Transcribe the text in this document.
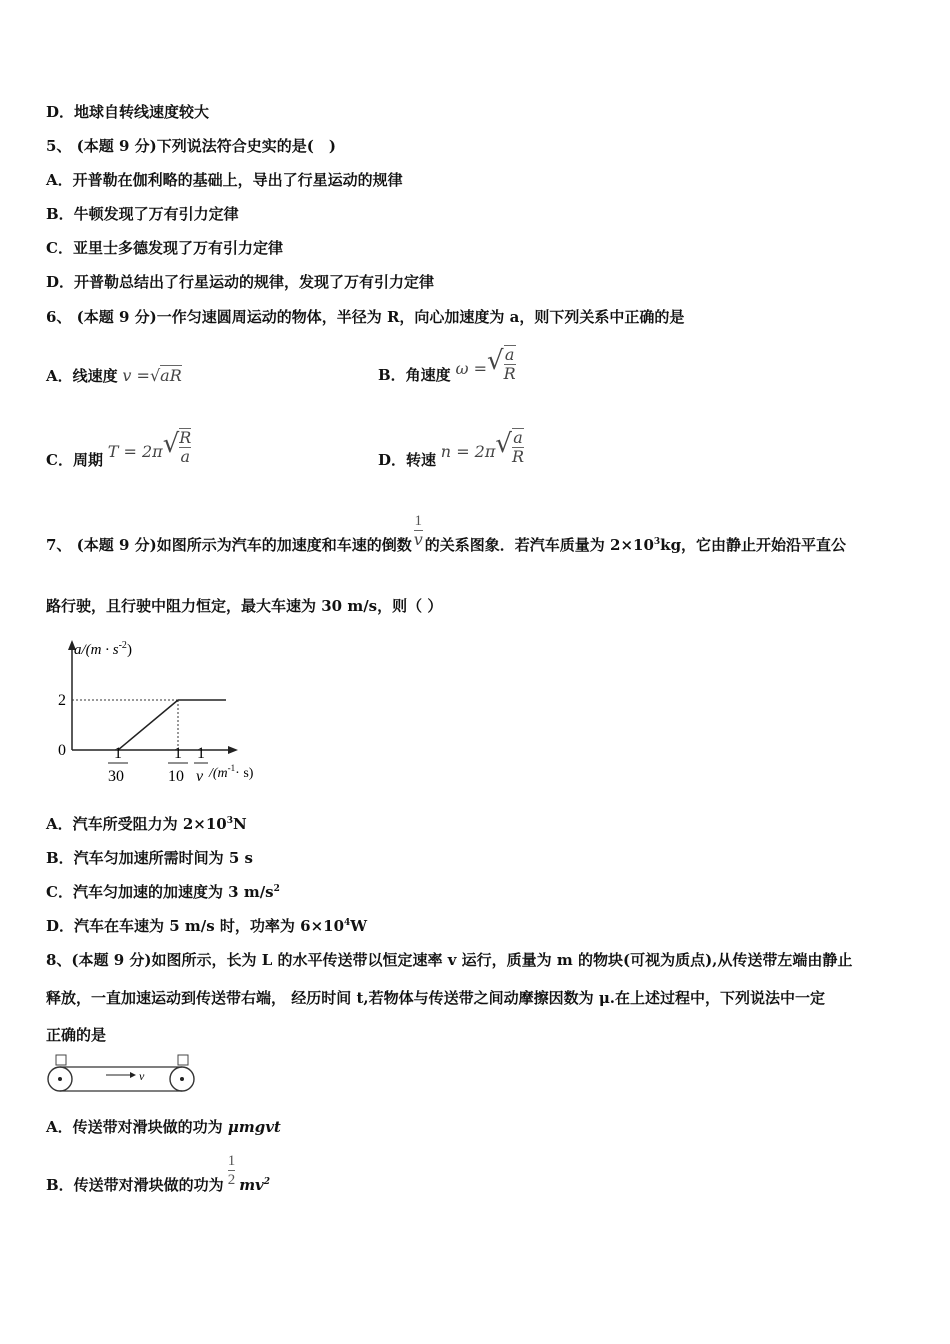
D．地球自转线速度较大
5、 (本题 9 分)下列说法符合史实的是(　)
A．开普勒在伽利略的基础上，导出了行星运动的规律
B．牛顿发现了万有引力定律
C．亚里士多德发现了万有引力定律
D．开普勒总结出了行星运动的规律，发现了万有引力定律
6、 (本题 9 分)一作匀速圆周运动的物体，半径为 R，向心加速度为 a，则下列关系中正确的是
A．线速度 v =√aR	B．角速度 ω =√ $\frac{a}{R}$
C．周期 $T = 2\pi√ \frac{R}{a}$	D．转速 $n = 2\pi√ \frac{a}{R}$
7、 (本题 9 分)如图所示为汽车的加速度和车速的倒数 $\frac{1}{v}$ 的关系图象．若汽车质量为 $2\times 10^3kg$，它由静止开始沿平直公
路行驶，且行驶中阻力恒定，最大车速为 30 m/s，则（ ）
$a/(m \cdot s^{-2})$
2
0	1
30
1
10
1
v $/(m^{-1}\cdot s)$
A．汽车所受阻力为 $2\times 10^3N$
B．汽车匀加速所需时间为 5 s
C．汽车匀加速的加速度为 3 $m/s^2$
D．汽车在车速为 5 m/s 时，功率为 $6\times 10^4W$
8、(本题 9 分)如图所示，长为 L 的水平传送带以恒定速率 v 运行，质量为 m 的物块(可视为质点),从传送带左端由静止
释放，一直加速运动到传送带右端， 经历时间 t,若物体与传送带之间动摩擦因数为 μ.在上述过程中，下列说法中一定
正确的是
v
A．传送带对滑块做的功为 μmgvt
B．传送带对滑块做的功为 $\frac{1}{2} mv^2$
